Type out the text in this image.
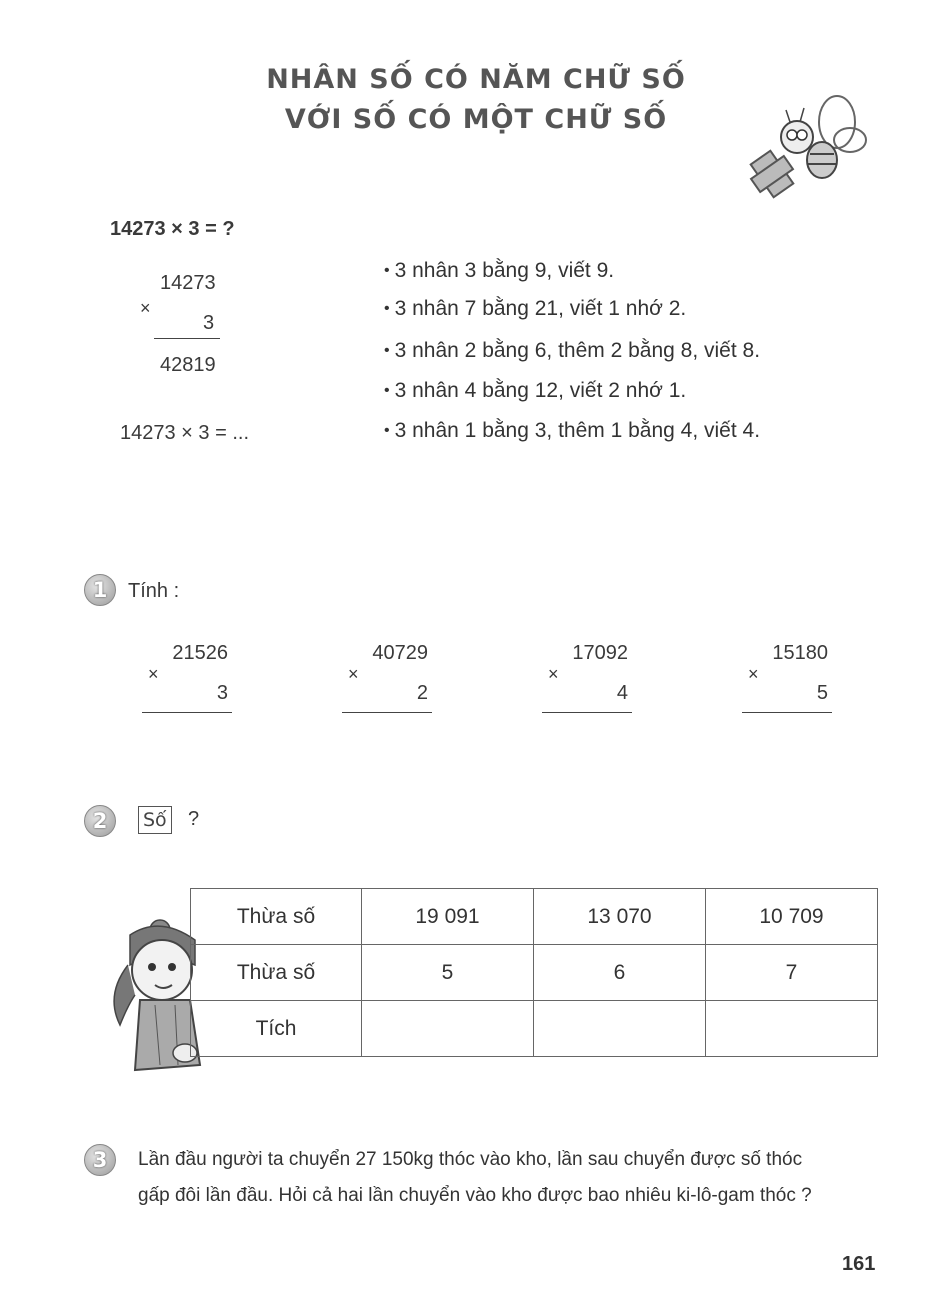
NHÂN SỐ CÓ NĂM CHỮ SỐ
VỚI SỐ CÓ MỘT CHỮ SỐ
14273 × 3 = ?
14273
×
3
42819
• 3 nhân 3 bằng 9, viết 9.
• 3 nhân 7 bằng 21, viết 1 nhớ 2.
• 3 nhân 2 bằng 6, thêm 2 bằng 8, viết 8.
• 3 nhân 4 bằng 12, viết 2 nhớ 1.
• 3 nhân 1 bằng 3, thêm 1 bằng 4, viết 4.
14273 × 3 = ...
1	Tính :
21526
×
3
40729
×
2
17092
×
4
15180
×
5
2	Số ?
Thừa số	19 091	13 070	10 709
Thừa số	5	6	7
Tích			
3	Lần đầu người ta chuyển 27 150kg thóc vào kho, lần sau chuyển được số thóc
gấp đôi lần đầu. Hỏi cả hai lần chuyển vào kho được bao nhiêu ki-lô-gam thóc ?
161
